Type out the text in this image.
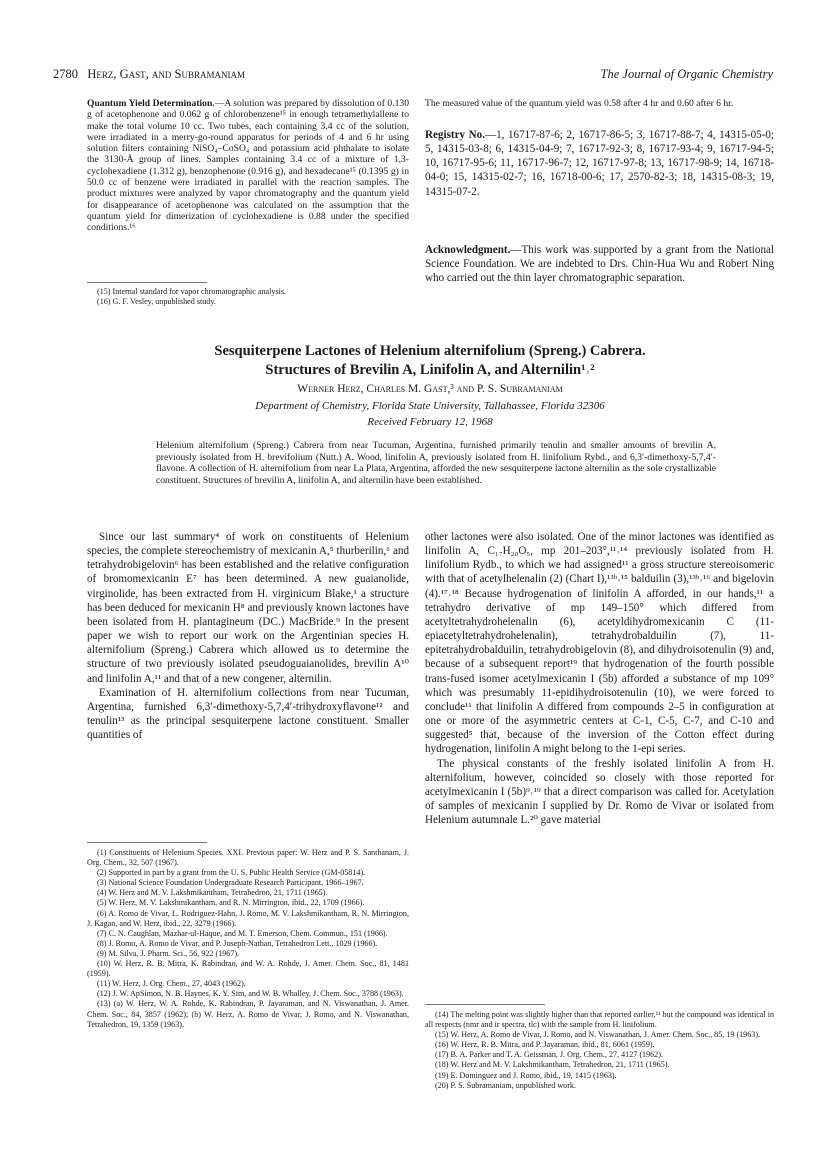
2780 Herz, Gast, and Subramaniam	The Journal of Organic Chemistry
Quantum Yield Determination.—A solution was prepared by dissolution of 0.130 g of acetophenone and 0.062 g of chlorobenzene¹⁵ in enough tetramethylallene to make the total volume 10 cc. Two tubes, each containing 3.4 cc of the solution, were irradiated in a merry-go-round apparatus for periods of 4 and 6 hr using solution filters containing NiSO₄–CoSO₄ and potassium acid phthalate to isolate the 3130-Å group of lines. Samples containing 3.4 cc of a mixture of 1,3-cyclohexadiene (1.312 g), benzophenone (0.916 g), and hexadecane¹⁵ (0.1395 g) in 50.0 cc of benzene were irradiated in parallel with the reaction samples. The product mixtures were analyzed by vapor chromatography and the quantum yield for disappearance of acetophenone was calculated on the assumption that the quantum yield for dimerization of cyclohexadiene is 0.88 under the specified conditions.¹⁶

(15) Internal standard for vapor chromatographic analysis.

(16) G. F. Vesley, unpublished study.

The measured value of the quantum yield was 0.58 after 4 hr and 0.60 after 6 hr.
Registry No.—1, 16717-87-6; 2, 16717-86-5; 3, 16717-88-7; 4, 14315-05-0; 5, 14315-03-8; 6, 14315-04-9; 7, 16717-92-3; 8, 16717-93-4; 9, 16717-94-5; 10, 16717-95-6; 11, 16717-96-7; 12, 16717-97-8; 13, 16717-98-9; 14, 16718-04-0; 15, 14315-02-7; 16, 16718-00-6; 17, 2570-82-3; 18, 14315-08-3; 19, 14315-07-2.
Acknowledgment.—This work was supported by a grant from the National Science Foundation. We are indebted to Drs. Chin-Hua Wu and Robert Ning who carried out the thin layer chromatographic separation.
Sesquiterpene Lactones of Helenium alternifolium (Spreng.) Cabrera.
Structures of Brevilin A, Linifolin A, and Alternilin¹˒²
Werner Herz, Charles M. Gast,³ and P. S. Subramaniam
Department of Chemistry, Florida State University, Tallahassee, Florida 32306
Received February 12, 1968
Helenium alternifolium (Spreng.) Cabrera from near Tucuman, Argentina, furnished primarily tenulin and smaller amounts of brevilin A, previously isolated from H. brevifolium (Nutt.) A. Wood, linifolin A, previously isolated from H. linifolium Rybd., and 6,3′-dimethoxy-5,7,4′-flavone. A collection of H. alternifolium from near La Plata, Argentina, afforded the new sesquiterpene lactone alternilin as the sole crystallizable constituent. Structures of brevilin A, linifolin A, and alternilin have been established.

Since our last summary⁴ of work on constituents of Helenium species, the complete stereochemistry of mexicanin A,⁵ thurberilin,⁶ and tetrahydrobigelovin⁶ has been established and the relative configuration of bromomexicanin E⁷ has been determined. A new guaianolide, virginolide, has been extracted from H. virginicum Blake,¹ a structure has been deduced for mexicanin H⁸ and previously known lactones have been isolated from H. plantagineum (DC.) MacBride.⁹ In the present paper we wish to report our work on the Argentinian species H. alternifolium (Spreng.) Cabrera which allowed us to determine the structure of two previously isolated pseudoguaianolides, brevilin A¹⁰ and linifolin A,¹¹ and that of a new congener, alternilin.

Examination of H. alternifolium collections from near Tucuman, Argentina, furnished 6,3′-dimethoxy-5,7,4′-trihydroxyflavone¹² and tenulin¹³ as the principal sesquiterpene lactone constituent. Smaller quantities of

(1) Constituents of Helenium Species. XXI. Previous paper: W. Herz and P. S. Santhanam, J. Org. Chem., 32, 507 (1967).

(2) Supported in part by a grant from the U. S. Public Health Service (GM-05814).

(3) National Science Foundation Undergraduate Research Participant, 1966–1967.

(4) W. Herz and M. V. Lakshmikantham, Tetrahedron, 21, 1711 (1965).

(5) W. Herz, M. V. Lakshmikantham, and R. N. Mirrington, ibid., 22, 1709 (1966).

(6) A. Romo de Vivar, L. Rodriguez-Hahn, J. Romo, M. V. Lakshmikantham, R. N. Mirrington, J. Kagan, and W. Herz, ibid., 22, 3279 (1966).

(7) C. N. Caughlan, Mazhar-ul-Haque, and M. T. Emerson, Chem. Commun., 151 (1966).

(8) J. Romo, A. Romo de Vivar, and P. Joseph-Nathan, Tetrahedron Lett., 1029 (1966).

(9) M. Silva, J. Pharm. Sci., 56, 922 (1967).

(10) W. Herz, R. B. Mitra, K. Rabindran, and W. A. Rohde, J. Amer. Chem. Soc., 81, 1481 (1959).

(11) W. Herz, J. Org. Chem., 27, 4043 (1962).

(12) J. W. ApSimon, N. B. Haynes, K. Y. Sim, and W. B. Whalley, J. Chem. Soc., 3788 (1963).

(13) (a) W. Herz, W. A. Rohde, K. Rabindran, P. Jayaraman, and N. Viswanathan, J. Amer. Chem. Soc., 84, 3857 (1962); (b) W. Herz, A. Romo de Vivar, J. Romo, and N. Viswanathan, Tetrahedron, 19, 1359 (1963).

other lactones were also isolated. One of the minor lactones was identified as linifolin A, C₁₇H₂₀O₅, mp 201–203°,¹¹˒¹⁴ previously isolated from H. linifolium Rydb., to which we had assigned¹¹ a gross structure stereoisomeric with that of acetylhelenalin (2) (Chart I),¹³ᵇ˒¹⁵ balduilin (3),¹³ᵇ˒¹⁶ and bigelovin (4).¹⁷˒¹⁸ Because hydrogenation of linifolin A afforded, in our hands,¹¹ a tetrahydro derivative of mp 149–150° which differed from acetyltetrahydrohelenalin (6), acetyldihydromexicanin C (11-epiacetyltetrahydrohelenalin), tetrahydrobalduilin (7), 11-epitetrahydrobalduilin, tetrahydrobigelovin (8), and dihydroisotenulin (9) and, because of a subsequent report¹⁹ that hydrogenation of the fourth possible trans-fused isomer acetylmexicanin I (5b) afforded a substance of mp 109° which was presumably 11-epidihydroisotenulin (10), we were forced to conclude¹¹ that linifolin A differed from compounds 2–5 in configuration at one or more of the asymmetric centers at C-1, C-5, C-7, and C-10 and suggested⁵ that, because of the inversion of the Cotton effect during hydrogenation, linifolin A might belong to the 1-epi series.

The physical constants of the freshly isolated linifolin A from H. alternifolium, however, coincided so closely with those reported for acetylmexicanin I (5b)⁹˒¹⁹ that a direct comparison was called for. Acetylation of samples of mexicanin I supplied by Dr. Romo de Vivar or isolated from Helenium autumnale L.²⁰ gave material

(14) The melting point was slightly higher than that reported earlier,¹¹ but the compound was identical in all respects (nmr and ir spectra, tlc) with the sample from H. linifolium.

(15) W. Herz, A. Romo de Vivar, J. Romo, and N. Viswanathan, J. Amer. Chem. Soc., 85, 19 (1963).

(16) W. Herz, R. B. Mitra, and P. Jayaraman, ibid., 81, 6061 (1959).

(17) B. A. Parker and T. A. Geissman, J. Org. Chem., 27, 4127 (1962).

(18) W. Herz and M. V. Lakshmikantham, Tetrahedron, 21, 1711 (1965).

(19) E. Dominguez and J. Romo, ibid., 19, 1415 (1963).

(20) P. S. Subramaniam, unpublished work.
